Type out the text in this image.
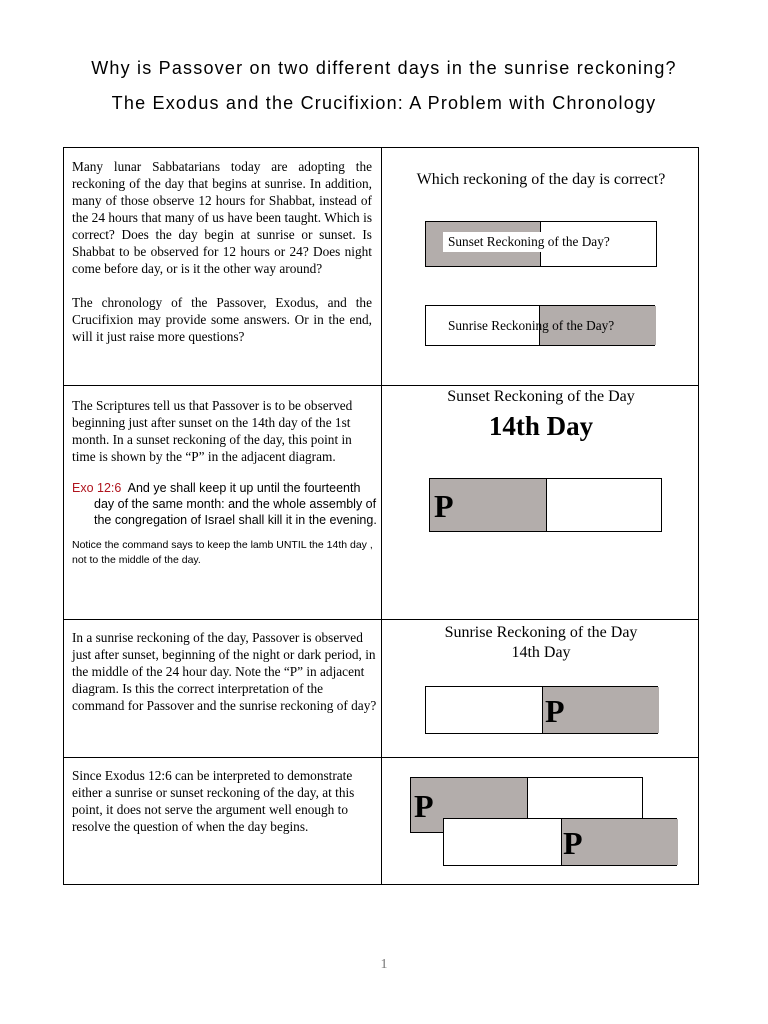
Why is Passover on two different days in the sunrise reckoning?
The Exodus and the Crucifixion: A Problem with Chronology

Many lunar Sabbatarians today are adopting the reckoning of the day that begins at sunrise. In addition, many of those observe 12 hours for Shabbat, instead of the 24 hours that many of us have been taught. Which is correct? Does the day begin at sunrise or sunset. Is Shabbat to be observed for 12 hours or 24? Does night come before day, or is it the other way around?

The chronology of the Passover, Exodus, and the Crucifixion may provide some answers. Or in the end, will it just raise more questions?

Which reckoning of the day is correct?
Sunset Reckoning of the Day?
Sunrise Reckoning of the Day?

The Scriptures tell us that Passover is to be observed beginning just after sunset on the 14th day of the 1st month. In a sunset reckoning of the day, this point in time is shown by the “P” in the adjacent diagram.

Exo 12:6 And ye shall keep it up until the fourteenth day of the same month: and the whole assembly of the congregation of Israel shall kill it in the evening.

Notice the command says to keep the lamb UNTIL the 14th day , not to the middle of the day.

Sunset Reckoning of the Day
14th Day
P

In a sunrise reckoning of the day, Passover is observed just after sunset, beginning of the night or dark period, in the middle of the 24 hour day. Note the “P” in adjacent diagram. Is this the correct interpretation of the command for Passover and the sunrise reckoning of day?

Sunrise Reckoning of the Day
14th Day
P

Since Exodus 12:6 can be interpreted to demonstrate either a sunrise or sunset reckoning of the day, at this point, it does not serve the argument well enough to resolve the question of when the day begins.

P
P
1
